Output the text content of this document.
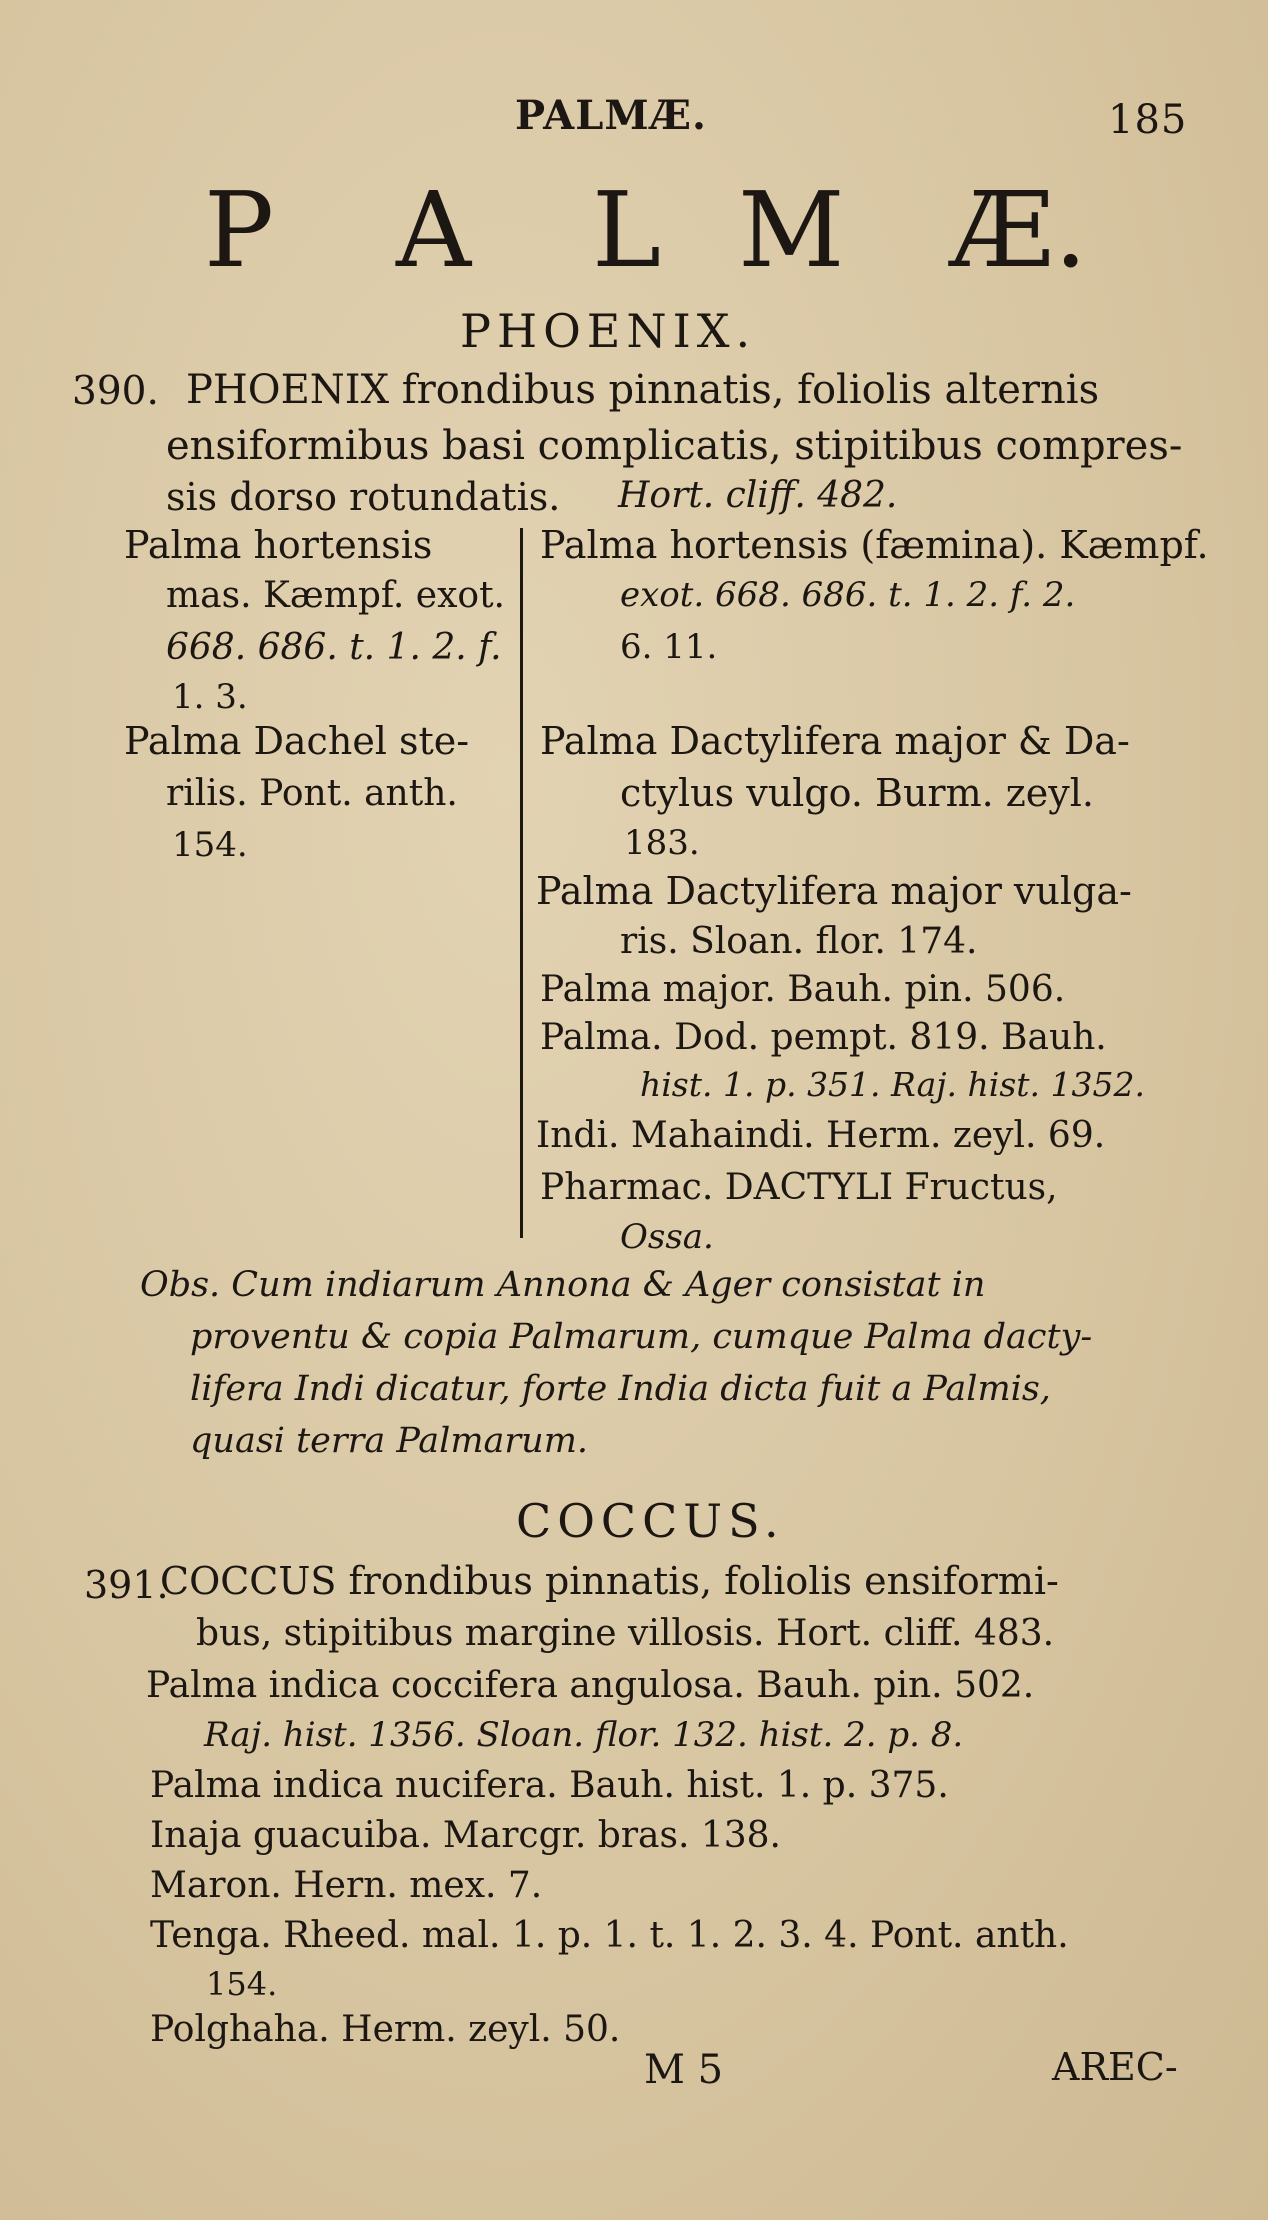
PALMÆ.	185
P A L M Æ.
PHOENIX.
390. PHOENIX frondibus pinnatis, foliolis alternis
ensiformibus basi complicatis, stipitibus compres-
sis dorso rotundatis. Hort. cliff. 482.
Palma hortensis
mas. Kæmpf. exot.
668. 686. t. 1. 2. f.
1. 3.
Palma Dachel ste-
rilis. Pont. anth.
154.
Palma hortensis (fæmina). Kæmpf.
exot. 668. 686. t. 1. 2. f. 2.
6. 11.
Palma Dactylifera major & Da-
ctylus vulgo. Burm. zeyl.
183.
Palma Dactylifera major vulga-
ris. Sloan. flor. 174.
Palma major. Bauh. pin. 506.
Palma. Dod. pempt. 819. Bauh.
hist. 1. p. 351. Raj. hist. 1352.
Indi. Mahaindi. Herm. zeyl. 69.
Pharmac. DACTYLI Fructus,
Ossa.
Obs. Cum indiarum Annona & Ager consistat in
proventu & copia Palmarum, cumque Palma dacty-
lifera Indi dicatur, forte India dicta fuit a Palmis,
quasi terra Palmarum.
COCCUS.
391.
COCCUS frondibus pinnatis, foliolis ensiformi-
bus, stipitibus margine villosis. Hort. cliff. 483.
Palma indica coccifera angulosa. Bauh. pin. 502.
Raj. hist. 1356. Sloan. flor. 132. hist. 2. p. 8.
Palma indica nucifera. Bauh. hist. 1. p. 375.
Inaja guacuiba. Marcgr. bras. 138.
Maron. Hern. mex. 7.
Tenga. Rheed. mal. 1. p. 1. t. 1. 2. 3. 4. Pont. anth.
154.
Polghaha. Herm. zeyl. 50.
M 5	AREC-
